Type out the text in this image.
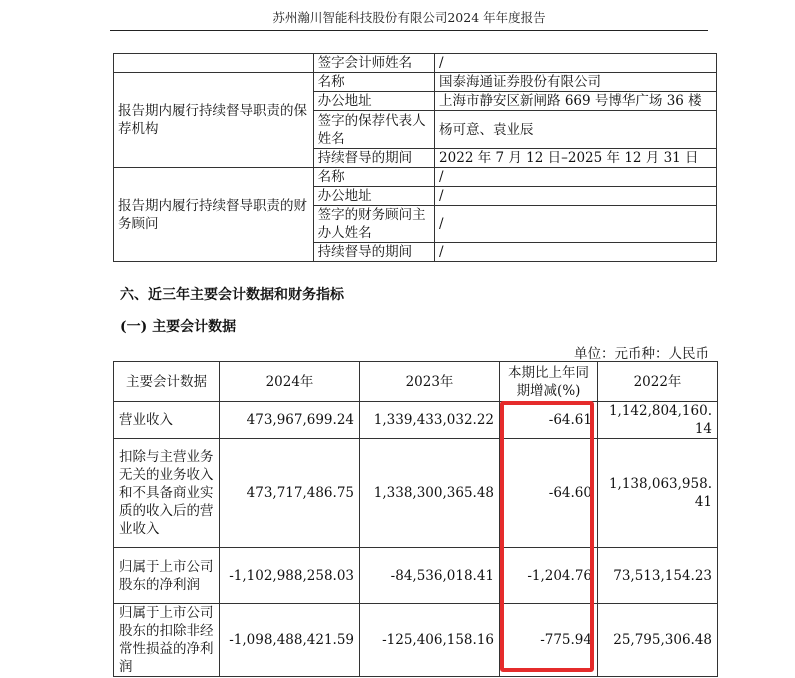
苏州瀚川智能科技股份有限公司2024 年年度报告
	签字会计师姓名	/
报告期内履行持续督导职责的保荐机构	名称	国泰海通证券股份有限公司
	办公地址	上海市静安区新闸路 669 号博华广场 36 楼
	签字的保荐代表人姓名	杨可意、袁业辰
	持续督导的期间	2022 年 7 月 12 日–2025 年 12 月 31 日
报告期内履行持续督导职责的财务顾问	名称	/
	办公地址	/
	签字的财务顾问主办人姓名	/
	持续督导的期间	/
六、近三年主要会计数据和财务指标
(一) 主要会计数据
单位：元币种：人民币
主要会计数据	2024年	2023年	本期比上年同期增减(%)	2022年
营业收入	473,967,699.24	1,339,433,032.22	-64.61	1,142,804,160.14
扣除与主营业务无关的业务收入和不具备商业实质的收入后的营业收入	473,717,486.75	1,338,300,365.48	-64.60	1,138,063,958.41
归属于上市公司股东的净利润	-1,102,988,258.03	-84,536,018.41	-1,204.76	73,513,154.23
归属于上市公司股东的扣除非经常性损益的净利润	-1,098,488,421.59	-125,406,158.16	-775.94	25,795,306.48
